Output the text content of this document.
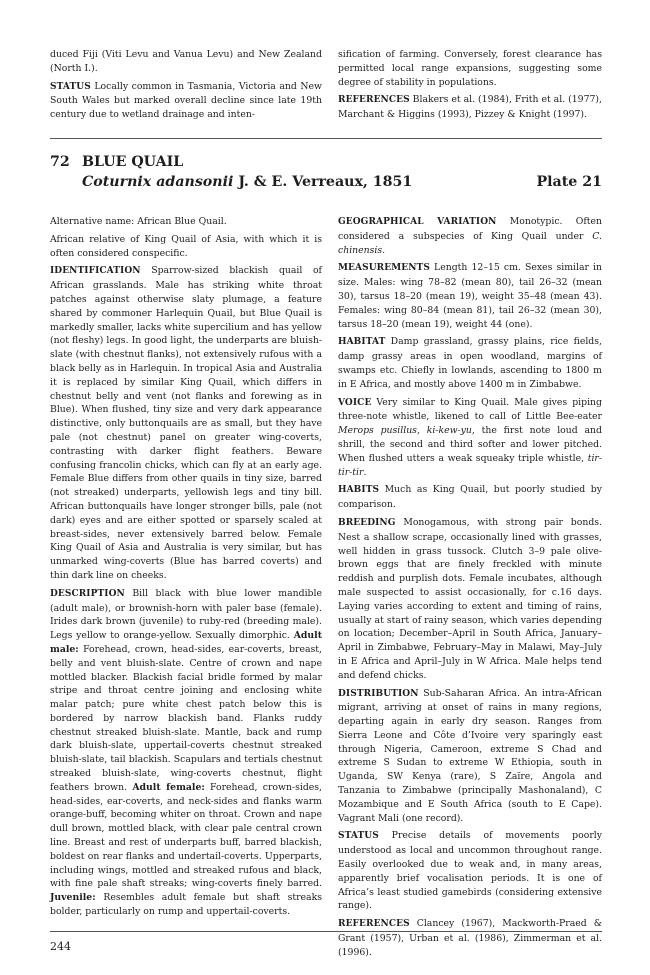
duced Fiji (Viti Levu and Vanua Levu) and New Zealand (North I.).

STATUS Locally common in Tasmania, Victoria and New South Wales but marked overall decline since late 19th century due to wetland drainage and inten-

sification of farming. Conversely, forest clearance has permitted local range expansions, suggesting some degree of stability in populations.

REFERENCES Blakers et al. (1984), Frith et al. (1977), Marchant & Higgins (1993), Pizzey & Knight (1997).

72 BLUE QUAIL
Coturnix adansonii J. & E. Verreaux, 1851	Plate 21

Alternative name: African Blue Quail.

African relative of King Quail of Asia, with which it is often considered conspecific.

IDENTIFICATION Sparrow-sized blackish quail of African grasslands. Male has striking white throat patches against otherwise slaty plumage, a feature shared by commoner Harlequin Quail, but Blue Quail is markedly smaller, lacks white supercilium and has yellow (not fleshy) legs. In good light, the underparts are bluish-slate (with chestnut flanks), not extensively rufous with a black belly as in Harlequin. In tropical Asia and Australia it is replaced by similar King Quail, which differs in chestnut belly and vent (not flanks and forewing as in Blue). When flushed, tiny size and very dark appearance distinctive, only buttonquails are as small, but they have pale (not chestnut) panel on greater wing-coverts, contrasting with darker flight feathers. Beware confusing francolin chicks, which can fly at an early age. Female Blue differs from other quails in tiny size, barred (not streaked) underparts, yellowish legs and tiny bill. African buttonquails have longer stronger bills, pale (not dark) eyes and are either spotted or sparsely scaled at breast-sides, never extensively barred below. Female King Quail of Asia and Australia is very similar, but has unmarked wing-coverts (Blue has barred coverts) and thin dark line on cheeks.

DESCRIPTION Bill black with blue lower mandible (adult male), or brownish-horn with paler base (female). Irides dark brown (juvenile) to ruby-red (breeding male). Legs yellow to orange-yellow. Sexually dimorphic. Adult male: Forehead, crown, head-sides, ear-coverts, breast, belly and vent bluish-slate. Centre of crown and nape mottled blacker. Blackish facial bridle formed by malar stripe and throat centre joining and enclosing white malar patch; pure white chest patch below this is bordered by narrow blackish band. Flanks ruddy chestnut streaked bluish-slate. Mantle, back and rump dark bluish-slate, uppertail-coverts chestnut streaked bluish-slate, tail blackish. Scapulars and tertials chestnut streaked bluish-slate, wing-coverts chestnut, flight feathers brown. Adult female: Forehead, crown-sides, head-sides, ear-coverts, and neck-sides and flanks warm orange-buff, becoming whiter on throat. Crown and nape dull brown, mottled black, with clear pale central crown line. Breast and rest of underparts buff, barred blackish, boldest on rear flanks and undertail-coverts. Upperparts, including wings, mottled and streaked rufous and black, with fine pale shaft streaks; wing-coverts finely barred. Juvenile: Resembles adult female but shaft streaks bolder, particularly on rump and uppertail-coverts.

GEOGRAPHICAL VARIATION Monotypic. Often considered a subspecies of King Quail under C. chinensis.

MEASUREMENTS Length 12–15 cm. Sexes similar in size. Males: wing 78–82 (mean 80), tail 26–32 (mean 30), tarsus 18–20 (mean 19), weight 35–48 (mean 43). Females: wing 80–84 (mean 81), tail 26–32 (mean 30), tarsus 18–20 (mean 19), weight 44 (one).

HABITAT Damp grassland, grassy plains, rice fields, damp grassy areas in open woodland, margins of swamps etc. Chiefly in lowlands, ascending to 1800 m in E Africa, and mostly above 1400 m in Zimbabwe.

VOICE Very similar to King Quail. Male gives piping three-note whistle, likened to call of Little Bee-eater Merops pusillus, ki-kew-yu, the first note loud and shrill, the second and third softer and lower pitched. When flushed utters a weak squeaky triple whistle, tir-tir-tir.

HABITS Much as King Quail, but poorly studied by comparison.

BREEDING Monogamous, with strong pair bonds. Nest a shallow scrape, occasionally lined with grasses, well hidden in grass tussock. Clutch 3–9 pale olive-brown eggs that are finely freckled with minute reddish and purplish dots. Female incubates, although male suspected to assist occasionally, for c.16 days. Laying varies according to extent and timing of rains, usually at start of rainy season, which varies depending on location; December–April in South Africa, January–April in Zimbabwe, February–May in Malawi, May–July in E Africa and April–July in W Africa. Male helps tend and defend chicks.

DISTRIBUTION Sub-Saharan Africa. An intra-African migrant, arriving at onset of rains in many regions, departing again in early dry season. Ranges from Sierra Leone and Côte d’Ivoire very sparingly east through Nigeria, Cameroon, extreme S Chad and extreme S Sudan to extreme W Ethiopia, south in Uganda, SW Kenya (rare), S Zaïre, Angola and Tanzania to Zimbabwe (principally Mashonaland), C Mozambique and E South Africa (south to E Cape). Vagrant Mali (one record).

STATUS Precise details of movements poorly understood as local and uncommon throughout range. Easily overlooked due to weak and, in many areas, apparently brief vocalisation periods. It is one of Africa’s least studied gamebirds (considering extensive range).

REFERENCES Clancey (1967), Mackworth-Praed & Grant (1957), Urban et al. (1986), Zimmerman et al. (1996).

244
